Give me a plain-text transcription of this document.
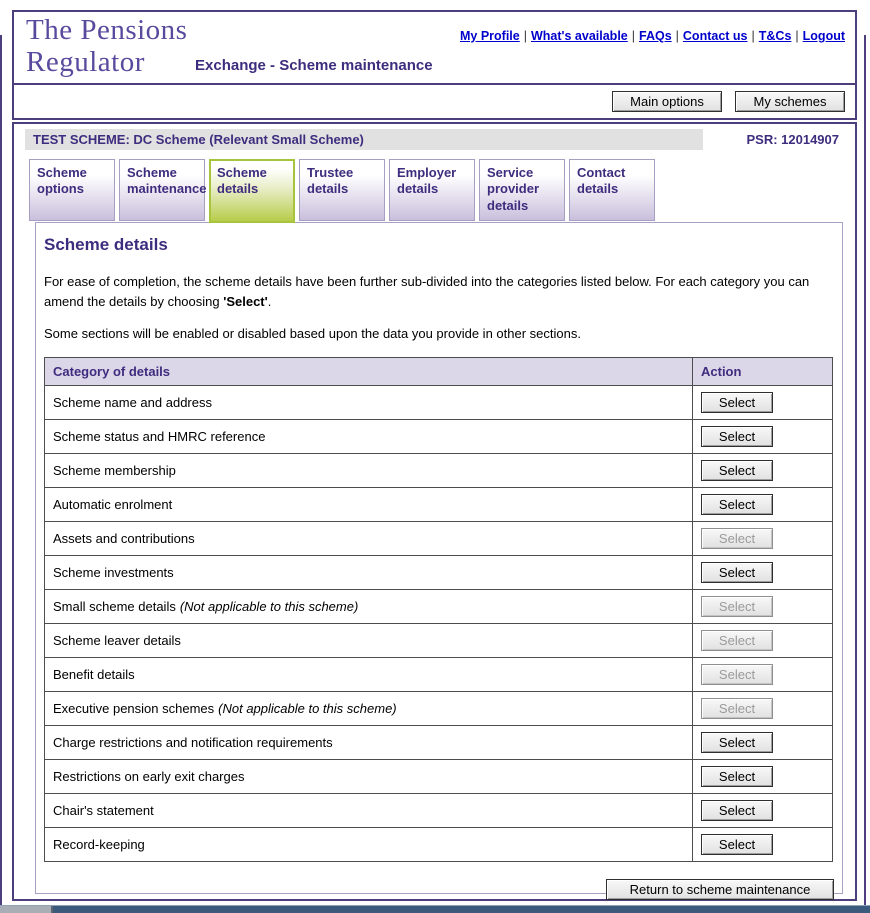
The Pensions
Regulator	Exchange - Scheme maintenance
My Profile | What's available | FAQs | Contact us | T&Cs | Logout
Main options	My schemes
TEST SCHEME: DC Scheme (Relevant Small Scheme)	PSR: 12014907
Scheme options
Scheme maintenance
Scheme details
Trustee details
Employer details
Service provider details
Contact details
Scheme details

For ease of completion, the scheme details have been further sub-divided into the categories listed below. For each category you can amend the details by choosing 'Select'.

Some sections will be enabled or disabled based upon the data you provide in other sections.

Category of details	Action
Scheme name and address	Select
Scheme status and HMRC reference	Select
Scheme membership	Select
Automatic enrolment	Select
Assets and contributions	Select
Scheme investments	Select
Small scheme details (Not applicable to this scheme)	Select
Scheme leaver details	Select
Benefit details	Select
Executive pension schemes (Not applicable to this scheme)	Select
Charge restrictions and notification requirements	Select
Restrictions on early exit charges	Select
Chair's statement	Select
Record-keeping	Select
Return to scheme maintenance
